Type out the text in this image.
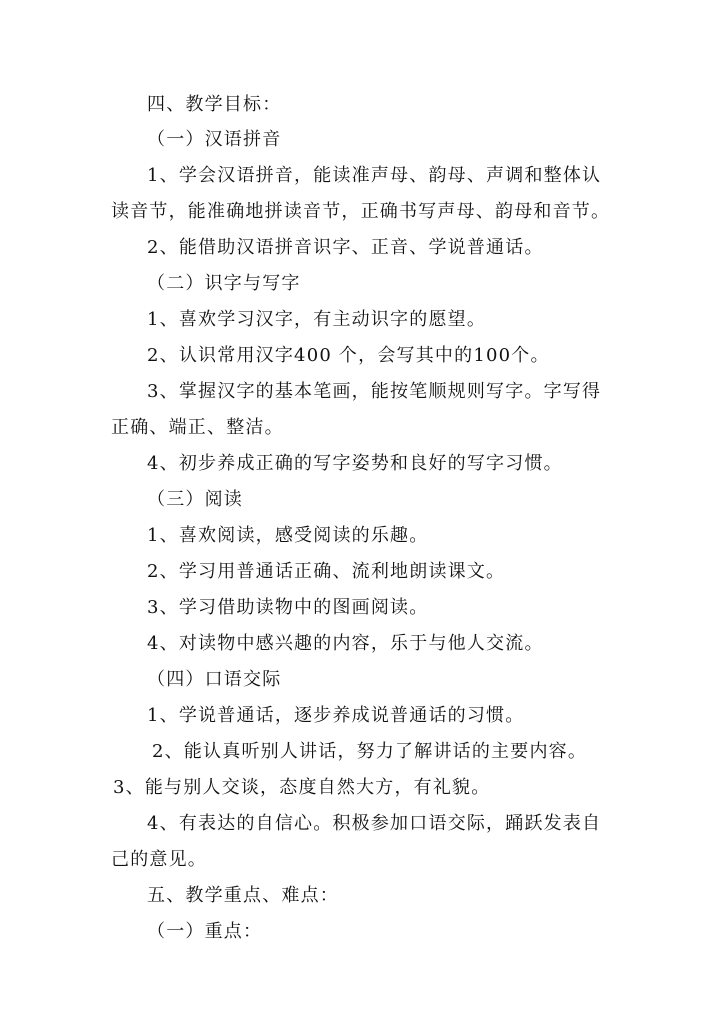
四、教学目标：
（一）汉语拼音
1、学会汉语拼音，能读准声母、韵母、声调和整体认
读音节，能准确地拼读音节，正确书写声母、韵母和音节。
2、能借助汉语拼音识字、正音、学说普通话。
（二）识字与写字
1、喜欢学习汉字，有主动识字的愿望。
2、认识常用汉字400 个，会写其中的100个。
3、掌握汉字的基本笔画，能按笔顺规则写字。字写得
正确、端正、整洁。
4、初步养成正确的写字姿势和良好的写字习惯。
（三）阅读
1、喜欢阅读，感受阅读的乐趣。
2、学习用普通话正确、流利地朗读课文。
3、学习借助读物中的图画阅读。
4、对读物中感兴趣的内容，乐于与他人交流。
（四）口语交际
1、学说普通话，逐步养成说普通话的习惯。
2、能认真听别人讲话，努力了解讲话的主要内容。
3、能与别人交谈，态度自然大方，有礼貌。
4、有表达的自信心。积极参加口语交际，踊跃发表自
己的意见。
五、教学重点、难点：
（一）重点：
